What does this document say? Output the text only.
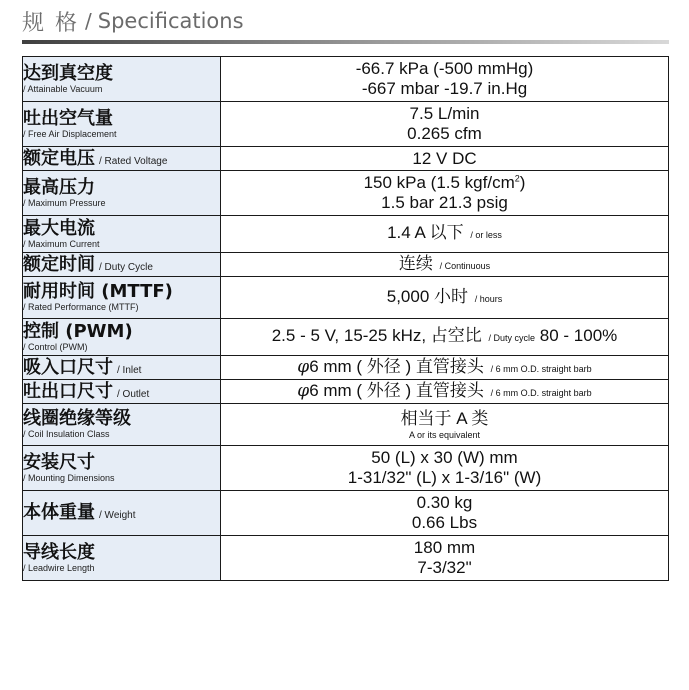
规 格 / Specifications
达到真空度
/ Attainable Vacuum	-66.7 kPa (-500 mmHg)
-667 mbar -19.7 in.Hg

吐出空气量
/ Free Air Displacement	7.5 L/min
0.265 cfm

额定电压 / Rated Voltage	12 V DC

最高压力
/ Maximum Pressure	150 kPa (1.5 kgf/$cm^2$)
1.5 bar 21.3 psig

最大电流
/ Maximum Current	1.4 A 以下 / or less

额定时间 / Duty Cycle	连续 / Continuous

耐用时间 (MTTF)
/ Rated Performance (MTTF)	5,000 小时 / hours

控制 (PWM)
/ Control (PWM)	2.5 - 5 V, 15-25 kHz, 占空比 / Duty cycle 80 - 100%

吸入口尺寸 / Inlet	φ6 mm ( 外径 ) 直管接头 / 6 mm O.D. straight barb

吐出口尺寸 / Outlet	φ6 mm ( 外径 ) 直管接头 / 6 mm O.D. straight barb

线圈绝缘等级
/ Coil Insulation Class	相当于 A 类
A or its equivalent

安装尺寸
/ Mounting Dimensions	50 (L) x 30 (W) mm
1-31/32" (L) x 1-3/16" (W)

本体重量 / Weight	0.30 kg
0.66 Lbs

导线长度
/ Leadwire Length	180 mm
7-3/32"
